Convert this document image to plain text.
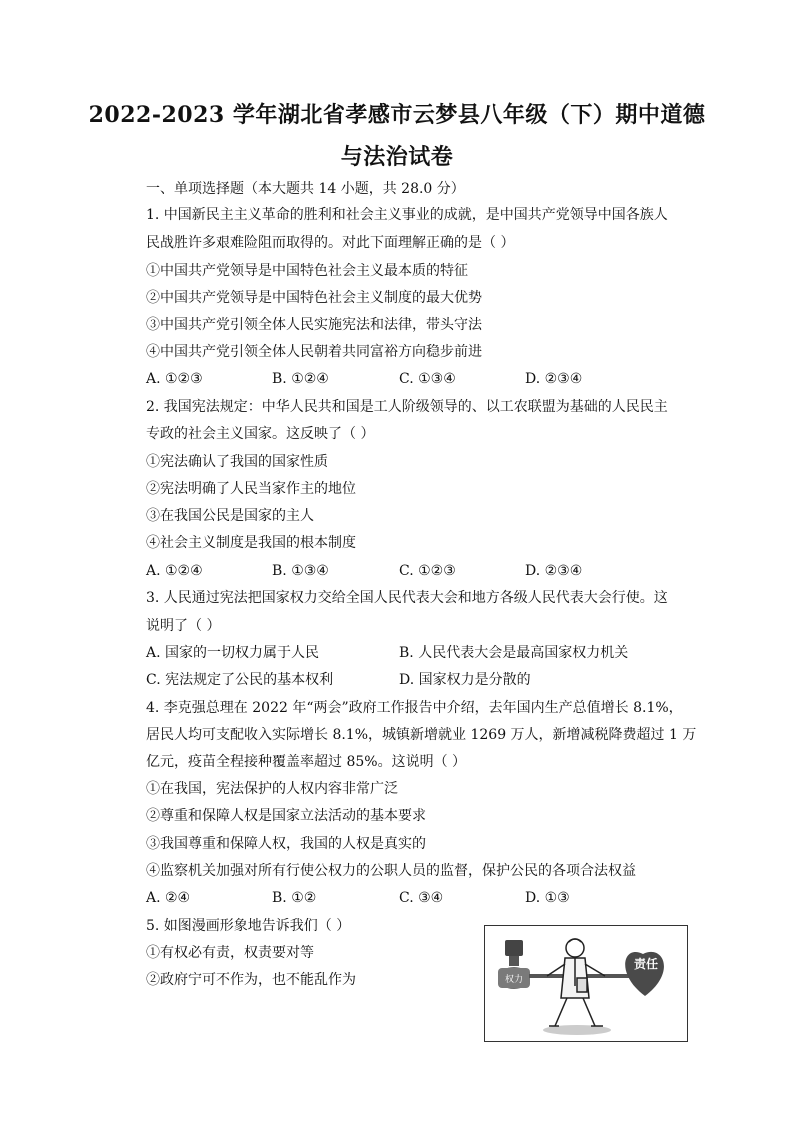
2022-2023 学年湖北省孝感市云梦县八年级（下）期中道德
与法治试卷
一、单项选择题（本大题共 14 小题，共 28.0 分）
1. 中国新民主主义革命的胜利和社会主义事业的成就，是中国共产党领导中国各族人
民战胜许多艰难险阻而取得的。对此下面理解正确的是（ ）
①中国共产党领导是中国特色社会主义最本质的特征
②中国共产党领导是中国特色社会主义制度的最大优势
③中国共产党引领全体人民实施宪法和法律，带头守法
④中国共产党引领全体人民朝着共同富裕方向稳步前进
A. ①②③	B. ①②④	C. ①③④	D. ②③④
2. 我国宪法规定：中华人民共和国是工人阶级领导的、以工农联盟为基础的人民民主
专政的社会主义国家。这反映了（ ）
①宪法确认了我国的国家性质
②宪法明确了人民当家作主的地位
③在我国公民是国家的主人
④社会主义制度是我国的根本制度
A. ①②④	B. ①③④	C. ①②③	D. ②③④
3. 人民通过宪法把国家权力交给全国人民代表大会和地方各级人民代表大会行使。这
说明了（ ）
A. 国家的一切权力属于人民	B. 人民代表大会是最高国家权力机关
C. 宪法规定了公民的基本权利	D. 国家权力是分散的
4. 李克强总理在 2022 年“两会”政府工作报告中介绍，去年国内生产总值增长 8.1%，
居民人均可支配收入实际增长 8.1%，城镇新增就业 1269 万人，新增减税降费超过 1 万
亿元，疫苗全程接种覆盖率超过 85%。这说明（ ）
①在我国，宪法保护的人权内容非常广泛
②尊重和保障人权是国家立法活动的基本要求
③我国尊重和保障人权，我国的人权是真实的
④监察机关加强对所有行使公权力的公职人员的监督，保护公民的各项合法权益
A. ②④	B. ①②	C. ③④	D. ①③
5. 如图漫画形象地告诉我们（ ）
①有权必有责，权责要对等
②政府宁可不作为，也不能乱作为	权力
责任
